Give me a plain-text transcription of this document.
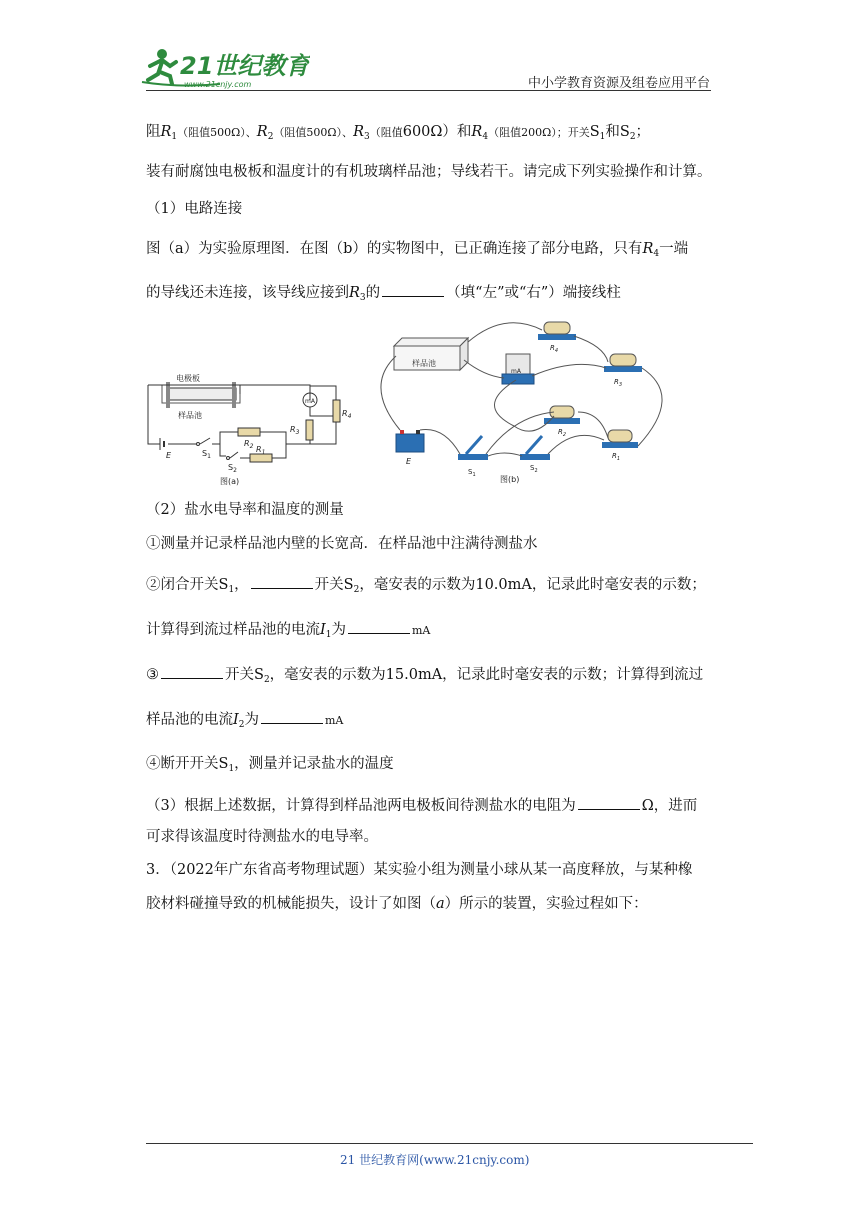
21世纪教育
www.21cnjy.com	中小学教育资源及组卷应用平台
阻$R_1$（阻值500Ω）、$R_2$（阻值500Ω）、$R_3$（阻值600Ω）和$R_4$（阻值200Ω）；开关$S_1$和$S_2$；
装有耐腐蚀电极板和温度计的有机玻璃样品池；导线若干。请完成下列实验操作和计算。
（1）电路连接
图（a）为实验原理图．在图（b）的实物图中，已正确连接了部分电路，只有$R_4$一端
的导线还未连接，该导线应接到$R_3$的	（填“左”或“右”）端接线柱
电极板
样品池
mA
$R_4$
$R_3$
E	$S_1$
$R_2$
$S_2$
$R_1$
图(a)
样品池
mA
$R_4$
$R_3$
$R_2$
$R_1$
E
$S_1$
$S_2$
图(b)
（2）盐水电导率和温度的测量
①测量并记录样品池内壁的长宽高．在样品池中注满待测盐水
②闭合开关$S_1$，	开关$S_2$，毫安表的示数为10.0mA，记录此时毫安表的示数；
计算得到流过样品池的电流$I_1$为	mA
③	开关$S_2$，毫安表的示数为15.0mA，记录此时毫安表的示数；计算得到流过
样品池的电流$I_2$为	mA
④断开开关$S_1$，测量并记录盐水的温度
（3）根据上述数据，计算得到样品池两电极板间待测盐水的电阻为	Ω，进而
可求得该温度时待测盐水的电导率。
3．（2022年广东省高考物理试题）某实验小组为测量小球从某一高度释放，与某种橡
胶材料碰撞导致的机械能损失，设计了如图（a）所示的装置，实验过程如下：
21 世纪教育网(www.21cnjy.com)
